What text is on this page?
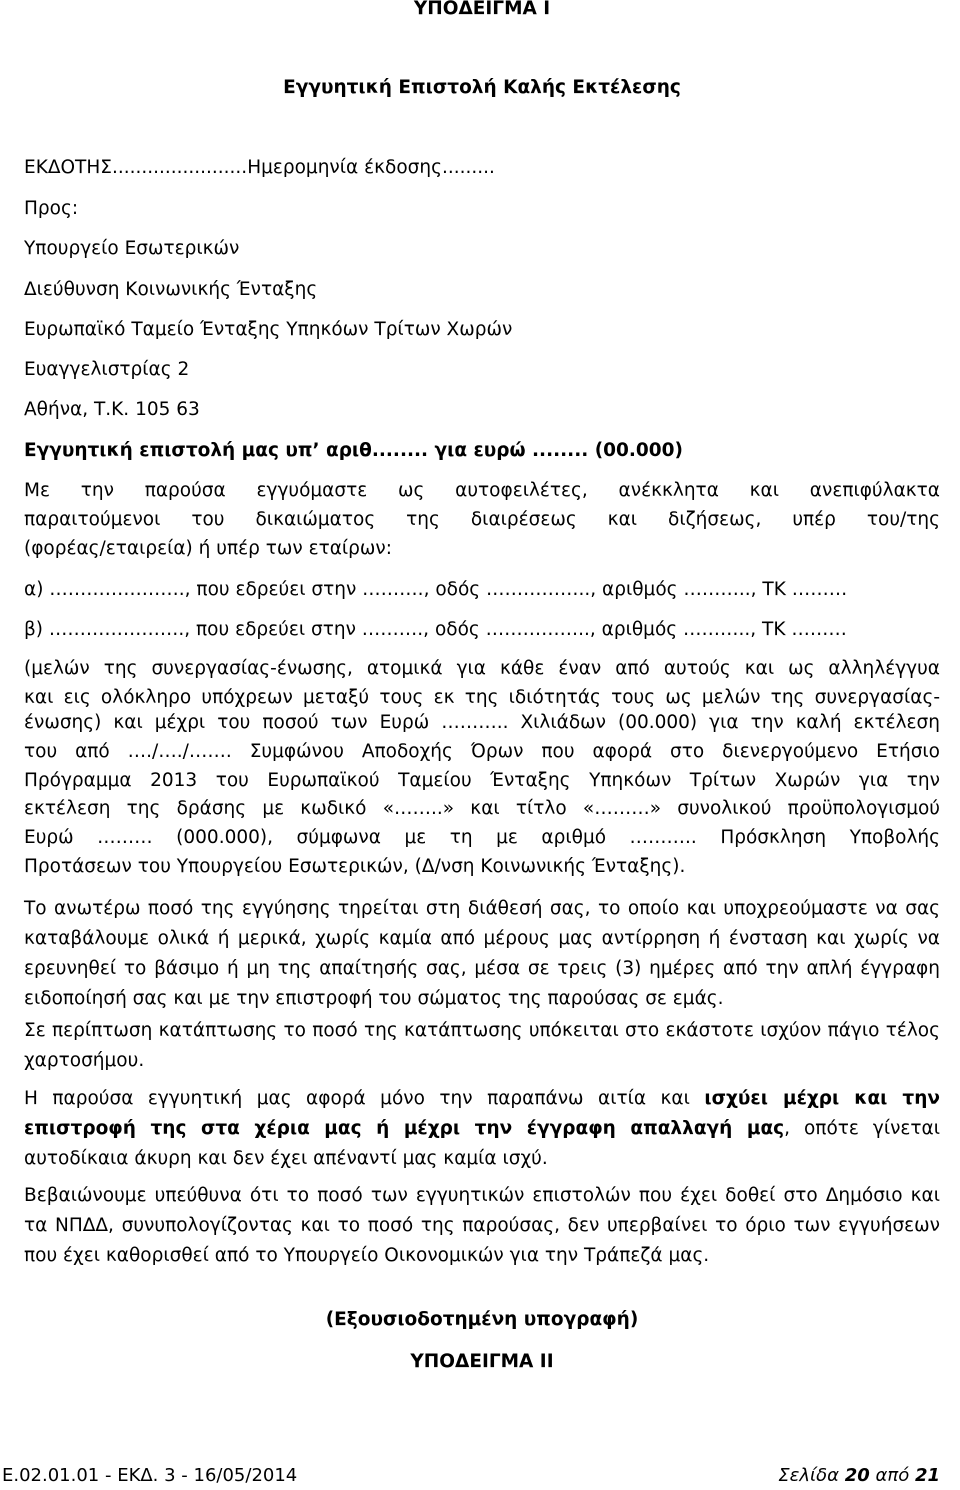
ΥΠΟΔΕΙΓΜΑ Ι
Εγγυητική Επιστολή Καλής Εκτέλεσης
ΕΚΔΟΤΗΣ.......................Ημερομηνία έκδοσης.........
Προς:
Υπουργείο Εσωτερικών
Διεύθυνση Κοινωνικής Ένταξης
Ευρωπαϊκό Ταμείο Ένταξης Υπηκόων Τρίτων Χωρών
Ευαγγελιστρίας 2
Αθήνα, Τ.Κ. 105 63
Εγγυητική επιστολή μας υπ’ αριθ........ για ευρώ ........ (00.000)
Με την παρούσα εγγυόμαστε ως αυτοφειλέτες, ανέκκλητα και ανεπιφύλακτα
παραιτούμενοι του δικαιώματος της διαιρέσεως και διζήσεως, υπέρ του/της
(φορέας/εταιρεία) ή υπέρ των εταίρων:
α) …………………., που εδρεύει στην ………., οδός …………….., αριθμός ……….., ΤΚ ………
β) …………………., που εδρεύει στην ………., οδός …………….., αριθμός ……….., ΤΚ ………
(μελών της συνεργασίας-ένωσης, ατομικά για κάθε έναν από αυτούς και ως αλληλέγγυα
και εις ολόκληρο υπόχρεων μεταξύ τους εκ της ιδιότητάς τους ως μελών της συνεργασίας-
ένωσης) και μέχρι του ποσού των Ευρώ ……….. Χιλιάδων (00.000) για την καλή εκτέλεση
του από …./…./……. Συμφώνου Αποδοχής Όρων που αφορά στο διενεργούμενο Ετήσιο
Πρόγραμμα 2013 του Ευρωπαϊκού Ταμείου Ένταξης Υπηκόων Τρίτων Χωρών για την
εκτέλεση της δράσης με κωδικό «……..» και τίτλο «………» συνολικού προϋπολογισμού
Ευρώ ……… (000.000), σύμφωνα με τη με αριθμό ……….. Πρόσκληση Υποβολής
Προτάσεων του Υπουργείου Εσωτερικών, (Δ/νση Κοινωνικής Ένταξης).
Το ανωτέρω ποσό της εγγύησης τηρείται στη διάθεσή σας, το οποίο και υποχρεούμαστε να σας καταβάλουμε ολικά ή μερικά, χωρίς καμία από μέρους μας αντίρρηση ή ένσταση και χωρίς να ερευνηθεί το βάσιμο ή μη της απαίτησής σας, μέσα σε τρεις (3) ημέρες από την απλή έγγραφη ειδοποίησή σας και με την επιστροφή του σώματος της παρούσας σε εμάς.
Σε περίπτωση κατάπτωσης το ποσό της κατάπτωσης υπόκειται στο εκάστοτε ισχύον πάγιο τέλος χαρτοσήμου.
Η παρούσα εγγυητική μας αφορά μόνο την παραπάνω αιτία και ισχύει μέχρι και την επιστροφή της στα χέρια μας ή μέχρι την έγγραφη απαλλαγή μας, οπότε γίνεται αυτοδίκαια άκυρη και δεν έχει απέναντί μας καμία ισχύ.
Βεβαιώνουμε υπεύθυνα ότι το ποσό των εγγυητικών επιστολών που έχει δοθεί στο Δημόσιο και τα ΝΠΔΔ, συνυπολογίζοντας και το ποσό της παρούσας, δεν υπερβαίνει το όριο των εγγυήσεων που έχει καθορισθεί από το Υπουργείο Οικονομικών για την Τράπεζά μας.
(Εξουσιοδοτημένη υπογραφή)
ΥΠΟΔΕΙΓΜΑ ΙΙ
Ε.02.01.01 - ΕΚΔ. 3 - 16/05/2014	Σελίδα 20 από 21
